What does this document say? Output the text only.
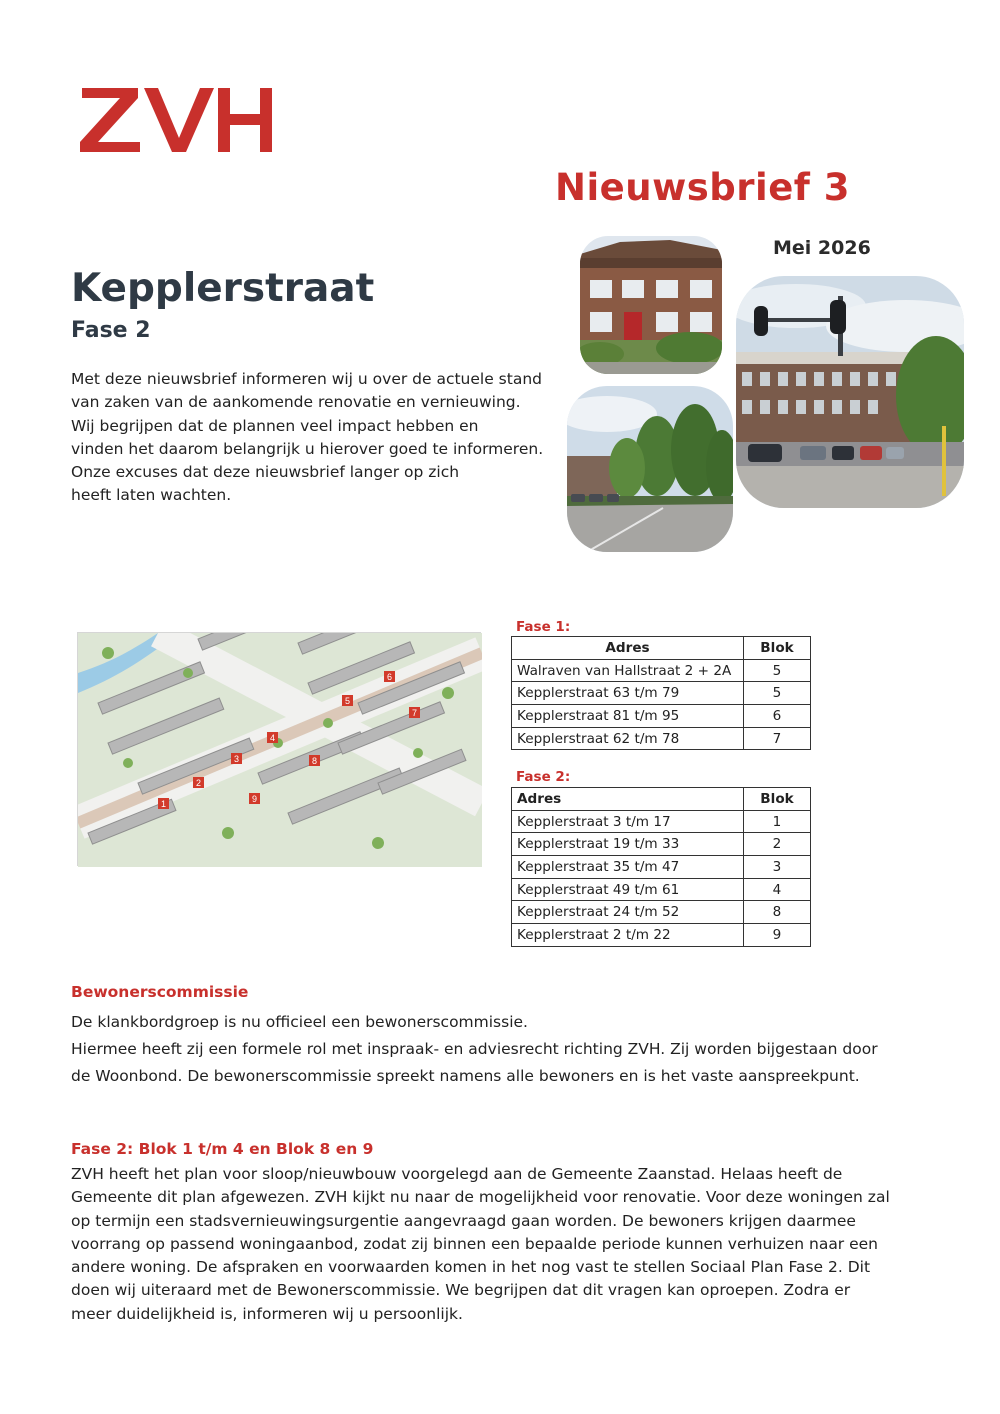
Nieuwsbrief 3
Mei 2026
Kepplerstraat
Fase 2

Met deze nieuwsbrief informeren wij u over de actuele stand

van zaken van de aankomende renovatie en vernieuwing.

Wij begrijpen dat de plannen veel impact hebben en

vinden het daarom belangrijk u hierover goed te informeren.

Onze excuses dat deze nieuwsbrief langer op zich

heeft laten wachten.

1
2
3
4
5
6
7
8
9
Fase 1:
Adres	Blok
Walraven van Hallstraat 2 + 2A	5
Kepplerstraat 63 t/m 79	5
Kepplerstraat 81 t/m 95	6
Kepplerstraat 62 t/m 78	7
Fase 2:
Adres	Blok
Kepplerstraat 3 t/m 17	1
Kepplerstraat 19 t/m 33	2
Kepplerstraat 35 t/m 47	3
Kepplerstraat 49 t/m 61	4
Kepplerstraat 24 t/m 52	8
Kepplerstraat 2 t/m 22	9
Bewonerscommissie

De klankbordgroep is nu officieel een bewonerscommissie.

Hiermee heeft zij een formele rol met inspraak- en adviesrecht richting ZVH. Zij worden bijgestaan door

de Woonbond. De bewonerscommissie spreekt namens alle bewoners en is het vaste aanspreekpunt.

Fase 2: Blok 1 t/m 4 en Blok 8 en 9

ZVH heeft het plan voor sloop/nieuwbouw voorgelegd aan de Gemeente Zaanstad. Helaas heeft de

Gemeente dit plan afgewezen. ZVH kijkt nu naar de mogelijkheid voor renovatie. Voor deze woningen zal

op termijn een stadsvernieuwingsurgentie aangevraagd gaan worden. De bewoners krijgen daarmee

voorrang op passend woningaanbod, zodat zij binnen een bepaalde periode kunnen verhuizen naar een

andere woning. De afspraken en voorwaarden komen in het nog vast te stellen Sociaal Plan Fase 2. Dit

doen wij uiteraard met de Bewonerscommissie. We begrijpen dat dit vragen kan oproepen. Zodra er

meer duidelijkheid is, informeren wij u persoonlijk.
